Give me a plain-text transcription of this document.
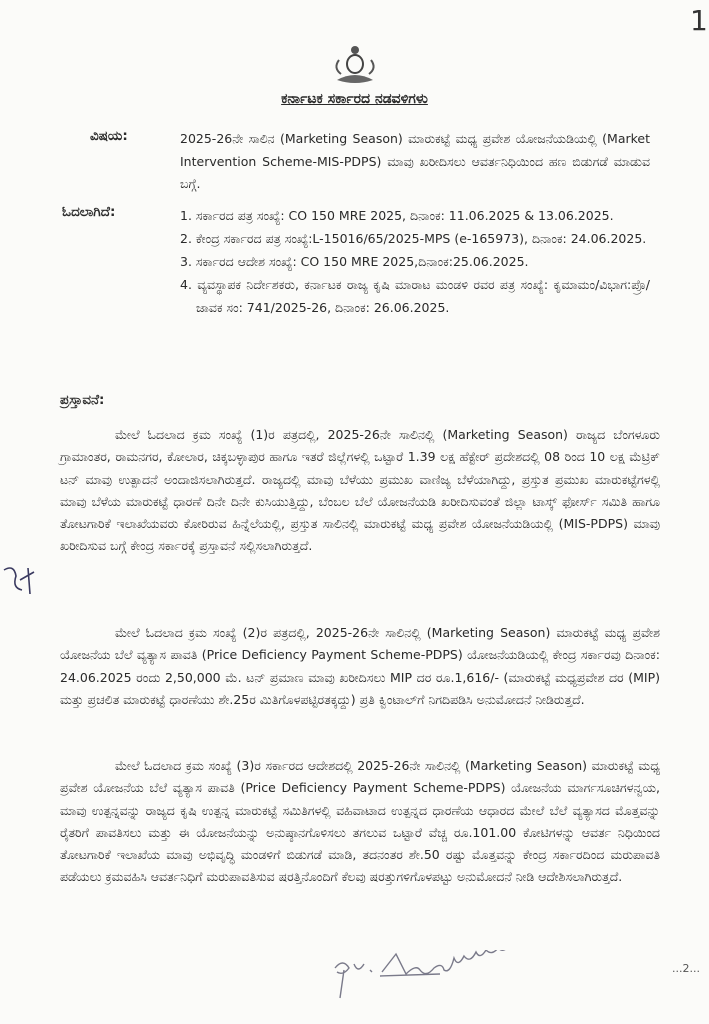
1
ಕರ್ನಾಟಕ ಸರ್ಕಾರದ ನಡವಳಿಗಳು
ವಿಷಯ:	2025-26ನೇ ಸಾಲಿನ (Marketing Season) ಮಾರುಕಟ್ಟೆ ಮಧ್ಯ ಪ್ರವೇಶ ಯೋಜನೆಯಡಿಯಲ್ಲಿ (Market Intervention Scheme-MIS-PDPS) ಮಾವು ಖರೀದಿಸಲು ಆವರ್ತನಿಧಿಯಿಂದ ಹಣ ಬಿಡುಗಡೆ ಮಾಡುವ ಬಗ್ಗೆ.
ಓದಲಾಗಿದೆ:	1. ಸರ್ಕಾರದ ಪತ್ರ ಸಂಖ್ಯೆ: CO 150 MRE 2025, ದಿನಾಂಕ: 11.06.2025 & 13.06.2025.
2. ಕೇಂದ್ರ ಸರ್ಕಾರದ ಪತ್ರ ಸಂಖ್ಯೆ:L-15016/65/2025-MPS (e-165973), ದಿನಾಂಕ: 24.06.2025.
3. ಸರ್ಕಾರದ ಆದೇಶ ಸಂಖ್ಯೆ: CO 150 MRE 2025,ದಿನಾಂಕ:25.06.2025.
4. ವ್ಯವಸ್ಥಾಪಕ ನಿರ್ದೇಶಕರು, ಕರ್ನಾಟಕ ರಾಜ್ಯ ಕೃಷಿ ಮಾರಾಟ ಮಂಡಳಿ ರವರ ಪತ್ರ ಸಂಖ್ಯೆ: ಕೃಮಾಮಂ/ವಿಭಾಗ:ಪ್ರೊ/ಜಾವಕ ಸಂ: 741/2025-26, ದಿನಾಂಕ: 26.06.2025.
ಪ್ರಸ್ತಾವನೆ:
ಮೇಲೆ ಓದಲಾದ ಕ್ರಮ ಸಂಖ್ಯೆ (1)ರ ಪತ್ರದಲ್ಲಿ, 2025-26ನೇ ಸಾಲಿನಲ್ಲಿ (Marketing Season) ರಾಜ್ಯದ ಬೆಂಗಳೂರು ಗ್ರಾಮಾಂತರ, ರಾಮನಗರ, ಕೋಲಾರ, ಚಿಕ್ಕಬಳ್ಳಾಪುರ ಹಾಗೂ ಇತರೆ ಜಿಲ್ಲೆಗಳಲ್ಲಿ ಒಟ್ಟಾರೆ 1.39 ಲಕ್ಷ ಹೆಕ್ಟೇರ್ ಪ್ರದೇಶದಲ್ಲಿ 08 ರಿಂದ 10 ಲಕ್ಷ ಮೆಟ್ರಿಕ್ ಟನ್ ಮಾವು ಉತ್ಪಾದನೆ ಅಂದಾಜಿಸಲಾಗಿರುತ್ತದೆ. ರಾಜ್ಯದಲ್ಲಿ ಮಾವು ಬೆಳೆಯು ಪ್ರಮುಖ ವಾಣಿಜ್ಯ ಬೆಳೆಯಾಗಿದ್ದು, ಪ್ರಸ್ತುತ ಪ್ರಮುಖ ಮಾರುಕಟ್ಟೆಗಳಲ್ಲಿ ಮಾವು ಬೆಳೆಯ ಮಾರುಕಟ್ಟೆ ಧಾರಣೆ ದಿನೇ ದಿನೇ ಕುಸಿಯುತ್ತಿದ್ದು, ಬೆಂಬಲ ಬೆಲೆ ಯೋಜನೆಯಡಿ ಖರೀದಿಸುವಂತೆ ಜಿಲ್ಲಾ ಟಾಸ್ಕ್ ಫೋರ್ಸ್ ಸಮಿತಿ ಹಾಗೂ ತೋಟಗಾರಿಕೆ ಇಲಾಖೆಯವರು ಕೋರಿರುವ ಹಿನ್ನೆಲೆಯಲ್ಲಿ, ಪ್ರಸ್ತುತ ಸಾಲಿನಲ್ಲಿ ಮಾರುಕಟ್ಟೆ ಮಧ್ಯ ಪ್ರವೇಶ ಯೋಜನೆಯಡಿಯಲ್ಲಿ (MIS-PDPS) ಮಾವು ಖರೀದಿಸುವ ಬಗ್ಗೆ ಕೇಂದ್ರ ಸರ್ಕಾರಕ್ಕೆ ಪ್ರಸ್ತಾವನೆ ಸಲ್ಲಿಸಲಾಗಿರುತ್ತದೆ.
ಮೇಲೆ ಓದಲಾದ ಕ್ರಮ ಸಂಖ್ಯೆ (2)ರ ಪತ್ರದಲ್ಲಿ, 2025-26ನೇ ಸಾಲಿನಲ್ಲಿ (Marketing Season) ಮಾರುಕಟ್ಟೆ ಮಧ್ಯ ಪ್ರವೇಶ ಯೋಜನೆಯ ಬೆಲೆ ವ್ಯತ್ಯಾಸ ಪಾವತಿ (Price Deficiency Payment Scheme-PDPS) ಯೋಜನೆಯಡಿಯಲ್ಲಿ ಕೇಂದ್ರ ಸರ್ಕಾರವು ದಿನಾಂಕ: 24.06.2025 ರಂದು 2,50,000 ಮೆ. ಟನ್ ಪ್ರಮಾಣ ಮಾವು ಖರೀದಿಸಲು MIP ದರ ರೂ.1,616/- (ಮಾರುಕಟ್ಟೆ ಮಧ್ಯಪ್ರವೇಶ ದರ (MIP) ಮತ್ತು ಪ್ರಚಲಿತ ಮಾರುಕಟ್ಟೆ ಧಾರಣೆಯು ಶೇ.25ರ ಮಿತಿಗೊಳಪಟ್ಟಿರತಕ್ಕದ್ದು) ಪ್ರತಿ ಕ್ವಿಂಟಾಲ್‌ಗೆ ನಿಗದಿಪಡಿಸಿ ಅನುಮೋದನೆ ನೀಡಿರುತ್ತದೆ.
ಮೇಲೆ ಓದಲಾದ ಕ್ರಮ ಸಂಖ್ಯೆ (3)ರ ಸರ್ಕಾರದ ಆದೇಶದಲ್ಲಿ 2025-26ನೇ ಸಾಲಿನಲ್ಲಿ (Marketing Season) ಮಾರುಕಟ್ಟೆ ಮಧ್ಯ ಪ್ರವೇಶ ಯೋಜನೆಯ ಬೆಲೆ ವ್ಯತ್ಯಾಸ ಪಾವತಿ (Price Deficiency Payment Scheme-PDPS) ಯೋಜನೆಯ ಮಾರ್ಗಸೂಚಿಗಳನ್ವಯ, ಮಾವು ಉತ್ಪನ್ನವನ್ನು ರಾಜ್ಯದ ಕೃಷಿ ಉತ್ಪನ್ನ ಮಾರುಕಟ್ಟೆ ಸಮಿತಿಗಳಲ್ಲಿ ವಹಿವಾಟಾದ ಉತ್ಪನ್ನದ ಧಾರಣೆಯ ಆಧಾರದ ಮೇಲೆ ಬೆಲೆ ವ್ಯತ್ಯಾಸದ ಮೊತ್ತವನ್ನು ರೈತರಿಗೆ ಪಾವತಿಸಲು ಮತ್ತು ಈ ಯೋಜನೆಯನ್ನು ಅನುಷ್ಠಾನಗೊಳಿಸಲು ತಗಲುವ ಒಟ್ಟಾರೆ ವೆಚ್ಚ ರೂ.101.00 ಕೋಟಿಗಳನ್ನು ಆವರ್ತ ನಿಧಿಯಿಂದ ತೋಟಗಾರಿಕೆ ಇಲಾಖೆಯ ಮಾವು ಅಭಿವೃದ್ಧಿ ಮಂಡಳಿಗೆ ಬಿಡುಗಡೆ ಮಾಡಿ, ತದನಂತರ ಶೇ.50 ರಷ್ಟು ಮೊತ್ತವನ್ನು ಕೇಂದ್ರ ಸರ್ಕಾರದಿಂದ ಮರುಪಾವತಿ ಪಡೆಯಲು ಕ್ರಮವಹಿಸಿ ಆವರ್ತನಿಧಿಗೆ ಮರುಪಾವತಿಸುವ ಷರತ್ತಿನೊಂದಿಗೆ ಕೆಲವು ಷರತ್ತುಗಳಿಗೊಳಪಟ್ಟು ಅನುಮೋದನೆ ನೀಡಿ ಆದೇಶಿಸಲಾಗಿರುತ್ತದೆ.
...2...
